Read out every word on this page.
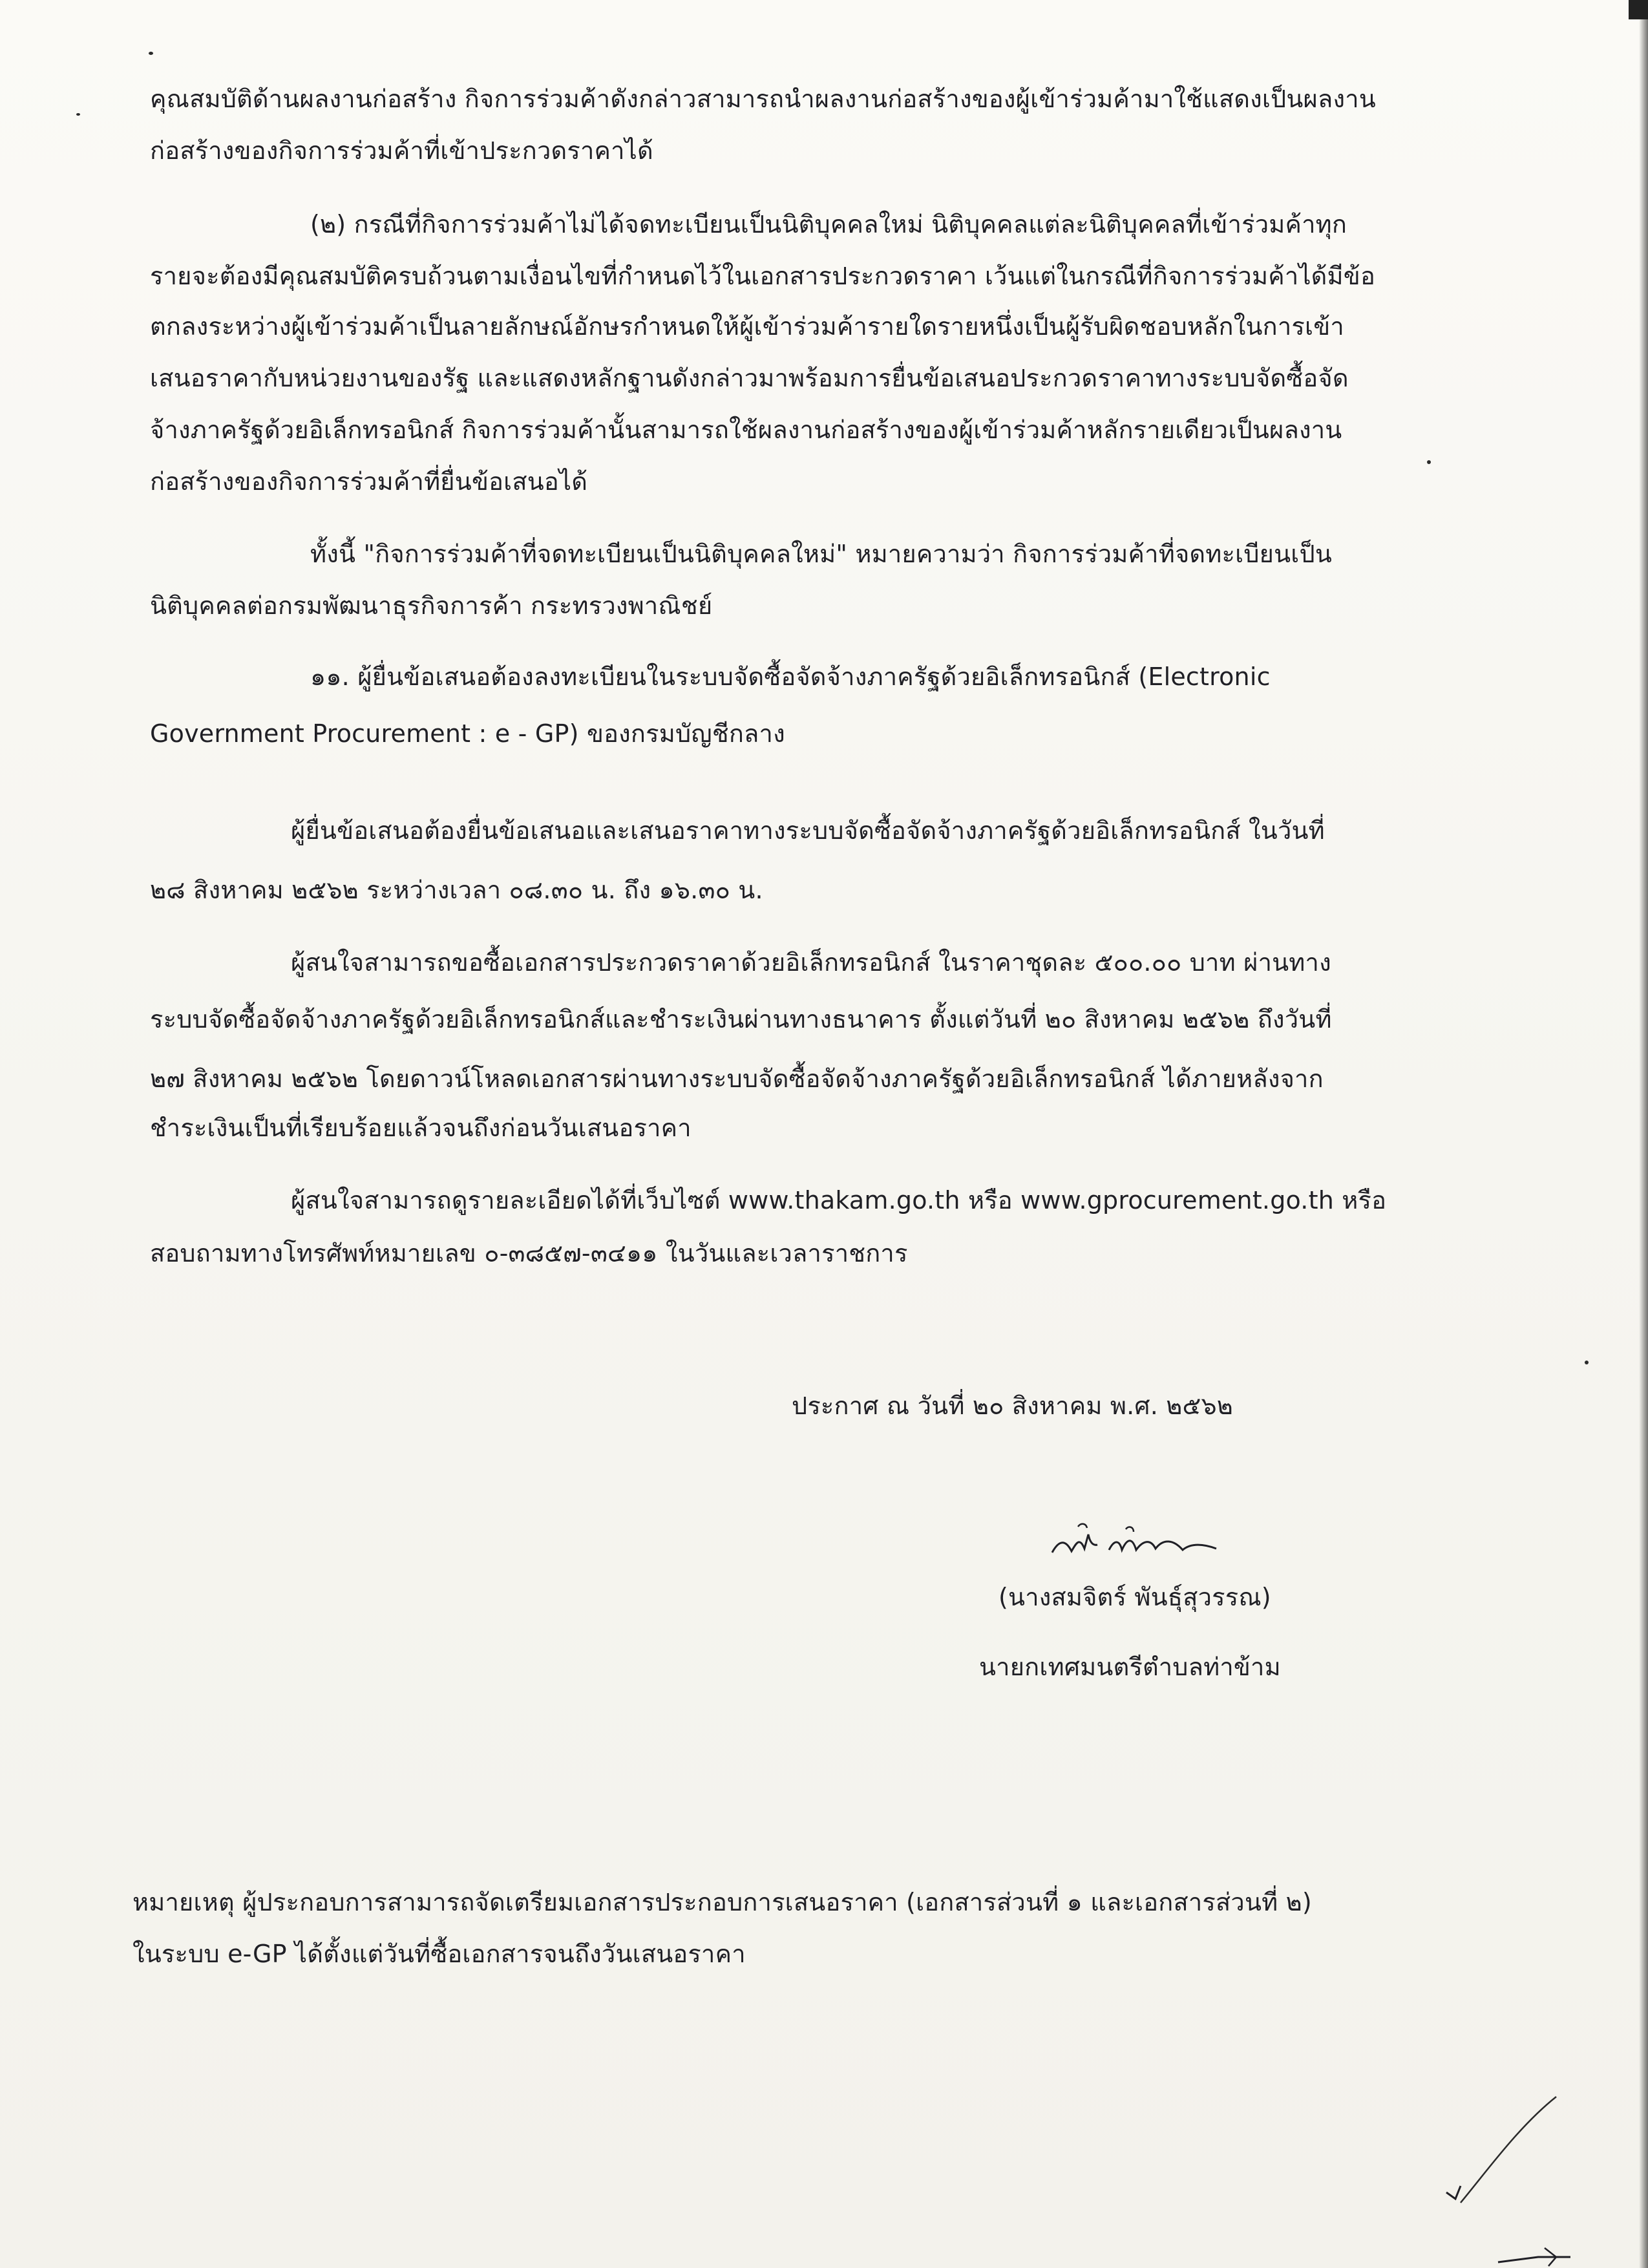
คุณสมบัติด้านผลงานก่อสร้าง กิจการร่วมค้าดังกล่าวสามารถนำผลงานก่อสร้างของผู้เข้าร่วมค้ามาใช้แสดงเป็นผลงาน
ก่อสร้างของกิจการร่วมค้าที่เข้าประกวดราคาได้
(๒) กรณีที่กิจการร่วมค้าไม่ได้จดทะเบียนเป็นนิติบุคคลใหม่ นิติบุคคลแต่ละนิติบุคคลที่เข้าร่วมค้าทุก
รายจะต้องมีคุณสมบัติครบถ้วนตามเงื่อนไขที่กำหนดไว้ในเอกสารประกวดราคา เว้นแต่ในกรณีที่กิจการร่วมค้าได้มีข้อ
ตกลงระหว่างผู้เข้าร่วมค้าเป็นลายลักษณ์อักษรกำหนดให้ผู้เข้าร่วมค้ารายใดรายหนึ่งเป็นผู้รับผิดชอบหลักในการเข้า
เสนอราคากับหน่วยงานของรัฐ และแสดงหลักฐานดังกล่าวมาพร้อมการยื่นข้อเสนอประกวดราคาทางระบบจัดซื้อจัด
จ้างภาครัฐด้วยอิเล็กทรอนิกส์ กิจการร่วมค้านั้นสามารถใช้ผลงานก่อสร้างของผู้เข้าร่วมค้าหลักรายเดียวเป็นผลงาน
ก่อสร้างของกิจการร่วมค้าที่ยื่นข้อเสนอได้
ทั้งนี้ "กิจการร่วมค้าที่จดทะเบียนเป็นนิติบุคคลใหม่" หมายความว่า กิจการร่วมค้าที่จดทะเบียนเป็น
นิติบุคคลต่อกรมพัฒนาธุรกิจการค้า กระทรวงพาณิชย์
๑๑. ผู้ยื่นข้อเสนอต้องลงทะเบียนในระบบจัดซื้อจัดจ้างภาครัฐด้วยอิเล็กทรอนิกส์ (Electronic
Government Procurement : e - GP) ของกรมบัญชีกลาง
ผู้ยื่นข้อเสนอต้องยื่นข้อเสนอและเสนอราคาทางระบบจัดซื้อจัดจ้างภาครัฐด้วยอิเล็กทรอนิกส์ ในวันที่
๒๘ สิงหาคม ๒๕๖๒ ระหว่างเวลา ๐๘.๓๐ น. ถึง ๑๖.๓๐ น.
ผู้สนใจสามารถขอซื้อเอกสารประกวดราคาด้วยอิเล็กทรอนิกส์ ในราคาชุดละ ๕๐๐.๐๐ บาท ผ่านทาง
ระบบจัดซื้อจัดจ้างภาครัฐด้วยอิเล็กทรอนิกส์และชำระเงินผ่านทางธนาคาร ตั้งแต่วันที่ ๒๐ สิงหาคม ๒๕๖๒ ถึงวันที่
๒๗ สิงหาคม ๒๕๖๒ โดยดาวน์โหลดเอกสารผ่านทางระบบจัดซื้อจัดจ้างภาครัฐด้วยอิเล็กทรอนิกส์ ได้ภายหลังจาก
ชำระเงินเป็นที่เรียบร้อยแล้วจนถึงก่อนวันเสนอราคา
ผู้สนใจสามารถดูรายละเอียดได้ที่เว็บไซต์ www.thakam.go.th หรือ www.gprocurement.go.th หรือ
สอบถามทางโทรศัพท์หมายเลข ๐-๓๘๕๗-๓๔๑๑ ในวันและเวลาราชการ
ประกาศ ณ วันที่ ๒๐ สิงหาคม พ.ศ. ๒๕๖๒
(นางสมจิตร์ พันธุ์สุวรรณ)
นายกเทศมนตรีตำบลท่าข้าม
หมายเหตุ ผู้ประกอบการสามารถจัดเตรียมเอกสารประกอบการเสนอราคา (เอกสารส่วนที่ ๑ และเอกสารส่วนที่ ๒)
ในระบบ e-GP ได้ตั้งแต่วันที่ซื้อเอกสารจนถึงวันเสนอราคา
